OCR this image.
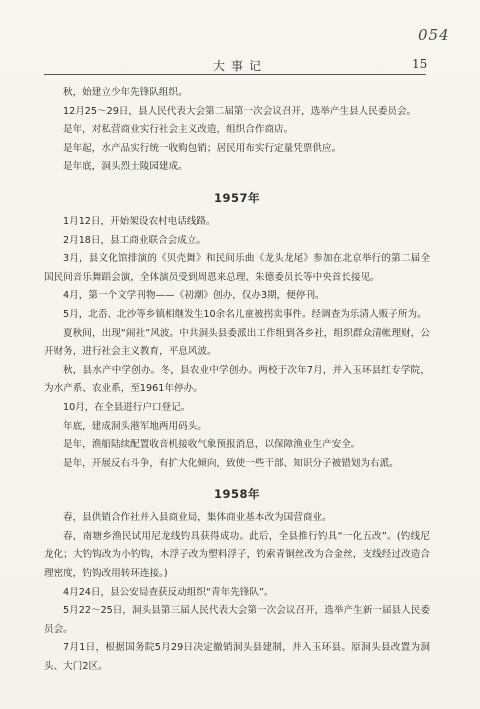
054
大事记	15

秋，始建立少年先锋队组织。

12月25～29日，县人民代表大会第二届第一次会议召开，选举产生县人民委员会。

是年，对私营商业实行社会主义改造，组织合作商店。

是年起，水产品实行统一收购包销；居民用布实行定量凭票供应。

是年底，洞头烈士陵园建成。

1957年

1月12日，开始架设农村电话线路。

2月18日，县工商业联合会成立。

3月，县文化馆排演的《贝壳舞》和民间乐曲《龙头龙尾》参加在北京举行的第二届全国民间音乐舞蹈会演，全体演员受到周恩来总理、朱德委员长等中央首长接见。

4月，第一个文学刊物——《初潮》创办，仅办3期，便停刊。

5月，北岙、北沙等乡镇相继发生10余名儿童被拐卖事件。经调查为乐清人贩子所为。

夏秋间，出现“闹社”风波。中共洞头县委派出工作组到各乡社，组织群众清帐理财，公开财务，进行社会主义教育，平息风波。

秋，县水产中学创办。冬，县农业中学创办。两校于次年7月，并入玉环县红专学院，为水产系、农业系，至1961年停办。

10月，在全县进行户口登记。

年底，建成洞头港军地两用码头。

是年，渔船陆续配置收音机接收气象预报消息，以保障渔业生产安全。

是年，开展反右斗争，有扩大化倾向，致使一些干部、知识分子被错划为右派。

1958年

春，县供销合作社并入县商业局，集体商业基本改为国营商业。

春，南塘乡渔民试用尼龙线钓具获得成功。此后，全县推行钓具“一化五改”。(钓线尼龙化；大钓钩改为小钓钩，木浮子改为塑料浮子，钓索青铜丝改为合金丝，支线经过改造合理密度，钓钩改用转环连接。)

4月24日，县公安局查获反动组织“青年先锋队”。

5月22～25日，洞头县第三届人民代表大会第一次会议召开，选举产生新一届县人民委员会。

7月1日，根据国务院5月29日决定撤销洞头县建制，并入玉环县。原洞头县改置为洞头、大门2区。
